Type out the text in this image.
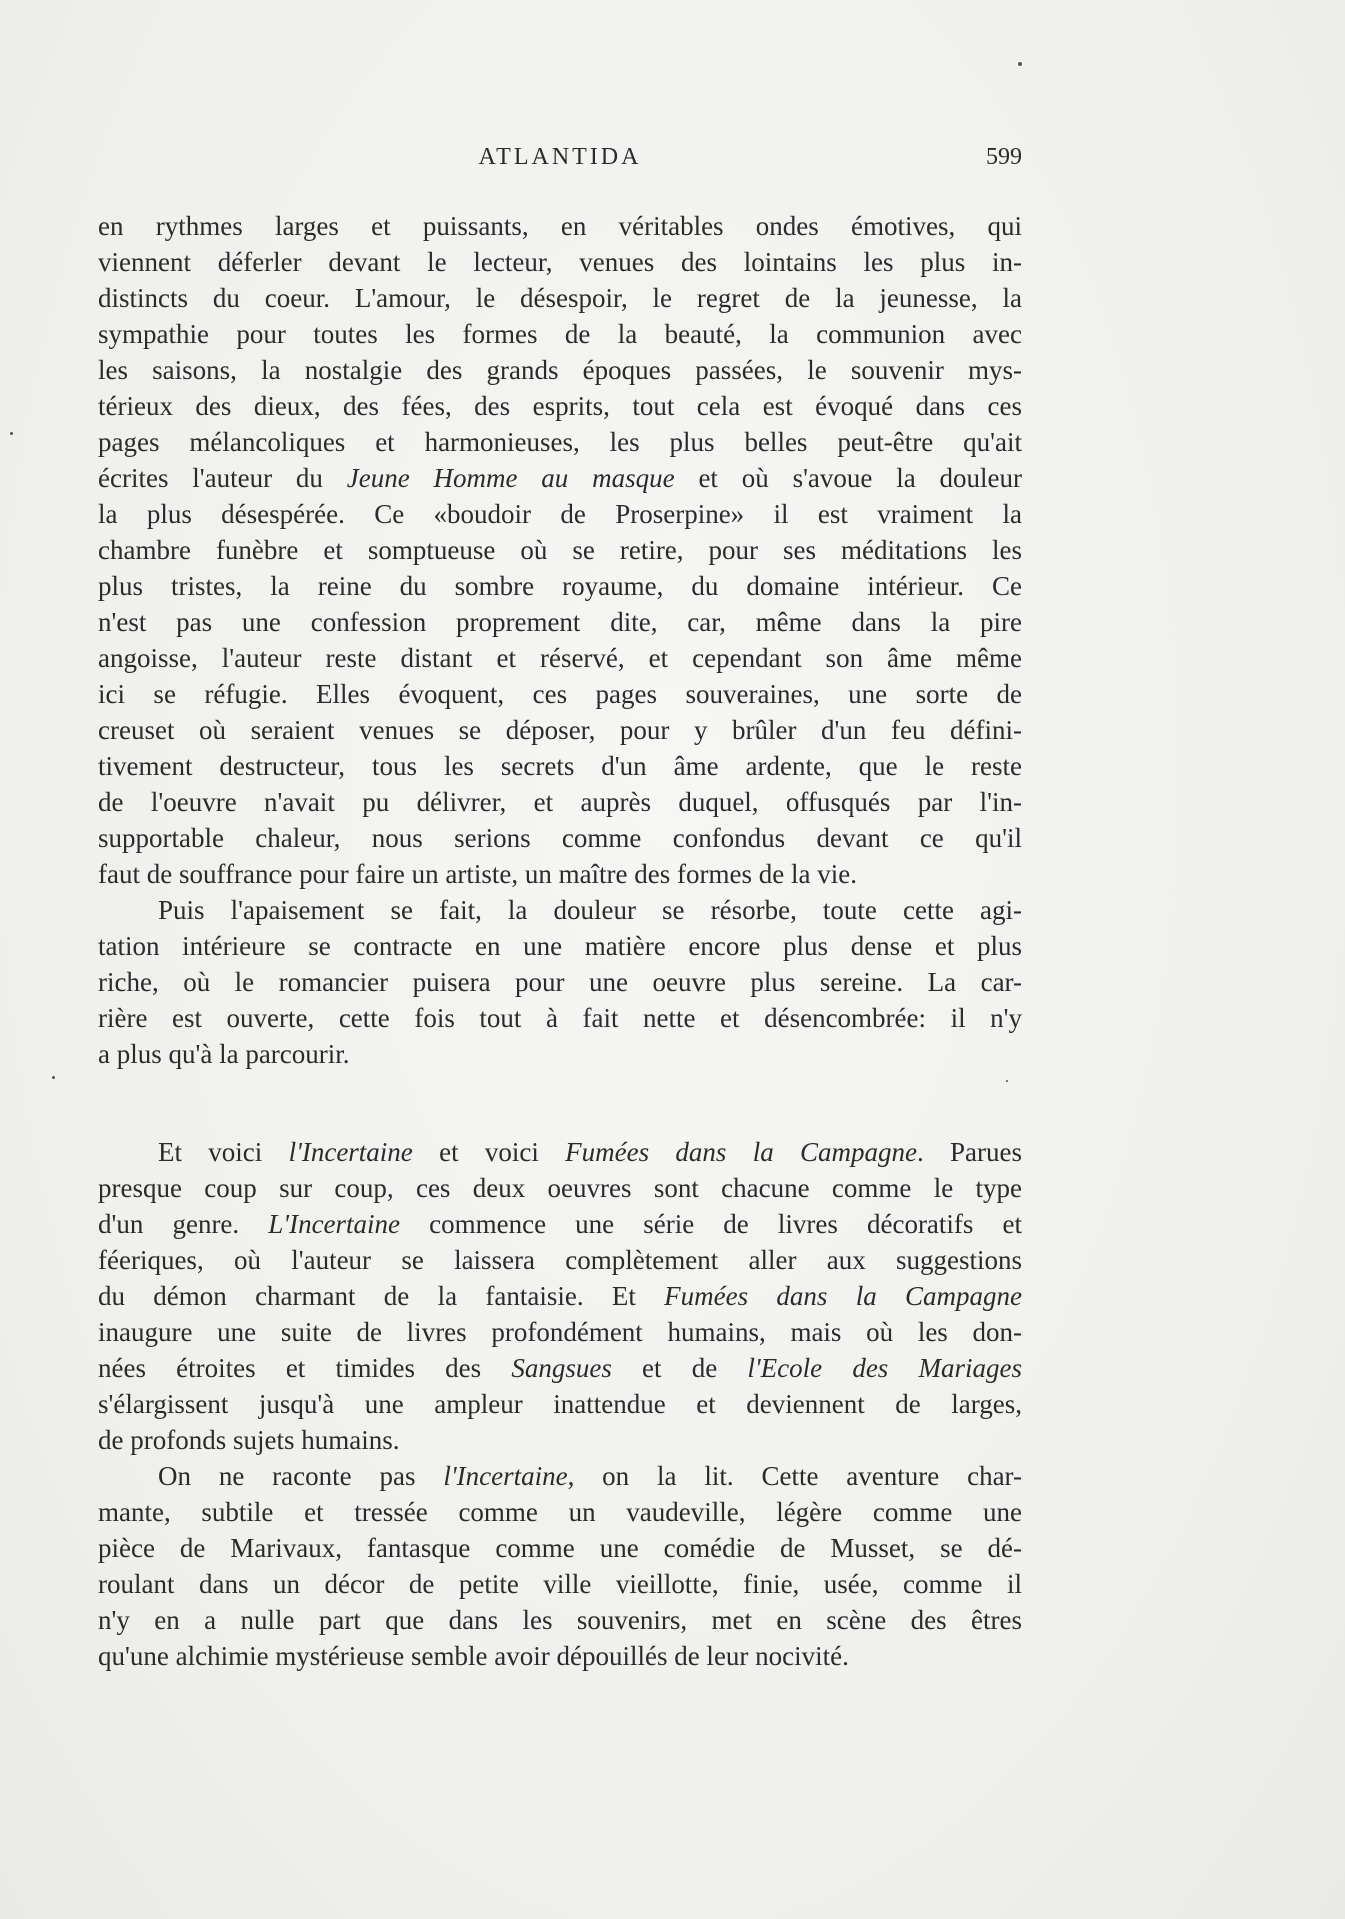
ATLANTIDA	599
en rythmes larges et puissants, en véritables ondes émotives, qui
viennent déferler devant le lecteur, venues des lointains les plus in-
distincts du coeur. L'amour, le désespoir, le regret de la jeunesse, la
sympathie pour toutes les formes de la beauté, la communion avec
les saisons, la nostalgie des grands époques passées, le souvenir mys-
térieux des dieux, des fées, des esprits, tout cela est évoqué dans ces
pages mélancoliques et harmonieuses, les plus belles peut-être qu'ait
écrites l'auteur du Jeune Homme au masque et où s'avoue la douleur
la plus désespérée. Ce «boudoir de Proserpine» il est vraiment la
chambre funèbre et somptueuse où se retire, pour ses méditations les
plus tristes, la reine du sombre royaume, du domaine intérieur. Ce
n'est pas une confession proprement dite, car, même dans la pire
angoisse, l'auteur reste distant et réservé, et cependant son âme même
ici se réfugie. Elles évoquent, ces pages souveraines, une sorte de
creuset où seraient venues se déposer, pour y brûler d'un feu défini-
tivement destructeur, tous les secrets d'un âme ardente, que le reste
de l'oeuvre n'avait pu délivrer, et auprès duquel, offusqués par l'in-
supportable chaleur, nous serions comme confondus devant ce qu'il
faut de souffrance pour faire un artiste, un maître des formes de la vie.
Puis l'apaisement se fait, la douleur se résorbe, toute cette agi-
tation intérieure se contracte en une matière encore plus dense et plus
riche, où le romancier puisera pour une oeuvre plus sereine. La car-
rière est ouverte, cette fois tout à fait nette et désencombrée: il n'y
a plus qu'à la parcourir.
Et voici l'Incertaine et voici Fumées dans la Campagne. Parues
presque coup sur coup, ces deux oeuvres sont chacune comme le type
d'un genre. L'Incertaine commence une série de livres décoratifs et
féeriques, où l'auteur se laissera complètement aller aux suggestions
du démon charmant de la fantaisie. Et Fumées dans la Campagne
inaugure une suite de livres profondément humains, mais où les don-
nées étroites et timides des Sangsues et de l'Ecole des Mariages
s'élargissent jusqu'à une ampleur inattendue et deviennent de larges,
de profonds sujets humains.
On ne raconte pas l'Incertaine, on la lit. Cette aventure char-
mante, subtile et tressée comme un vaudeville, légère comme une
pièce de Marivaux, fantasque comme une comédie de Musset, se dé-
roulant dans un décor de petite ville vieillotte, finie, usée, comme il
n'y en a nulle part que dans les souvenirs, met en scène des êtres
qu'une alchimie mystérieuse semble avoir dépouillés de leur nocivité.
